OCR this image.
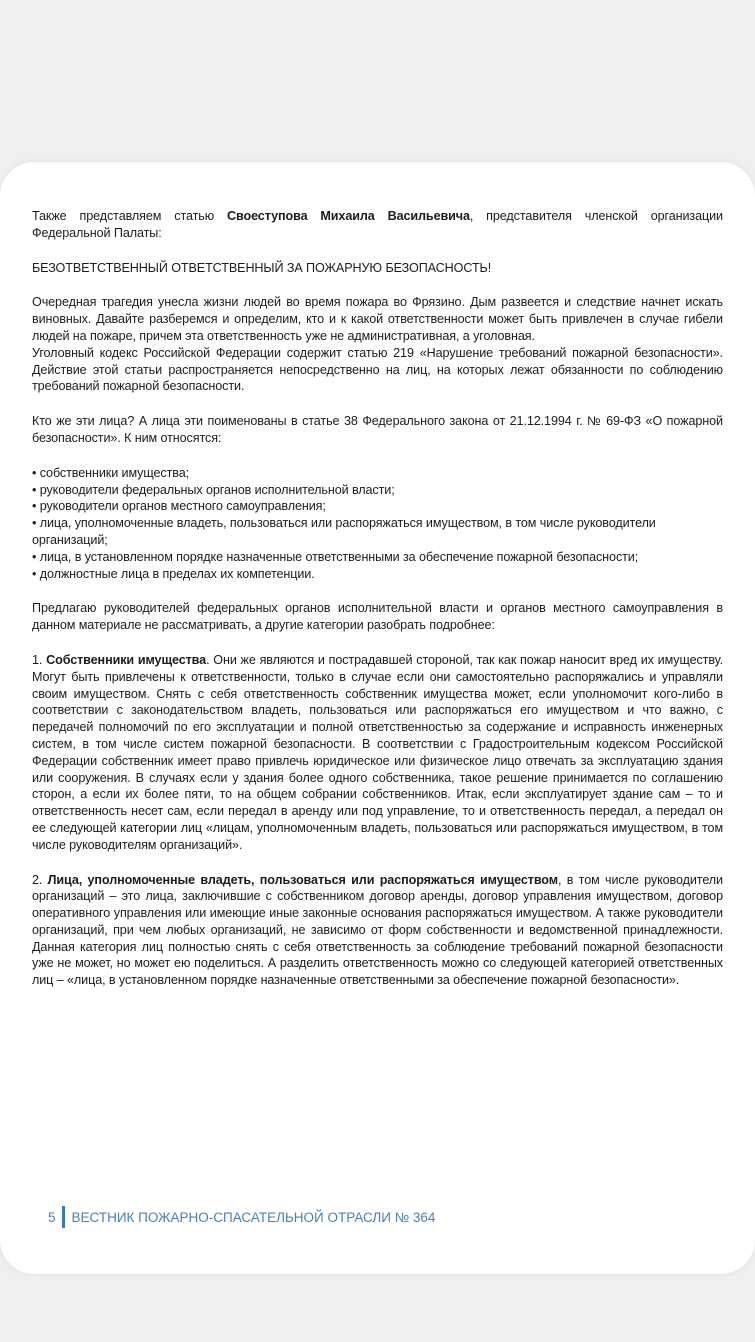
Также представляем статью Своеступова Михаила Васильевича, представителя членской организации Федеральной Палаты:

БЕЗОТВЕТСТВЕННЫЙ ОТВЕТСТВЕННЫЙ ЗА ПОЖАРНУЮ БЕЗОПАСНОСТЬ!

Очередная трагедия унесла жизни людей во время пожара во Фрязино. Дым развеется и следствие начнет искать виновных. Давайте разберемся и определим, кто и к какой ответственности может быть привлечен в случае гибели людей на пожаре, причем эта ответственность уже не административная, а уголовная.

Уголовный кодекс Российской Федерации содержит статью 219 «Нарушение требований пожарной безопасности». Действие этой статьи распространяется непосредственно на лиц, на которых лежат обязанности по соблюдению требований пожарной безопасности.

Кто же эти лица? А лица эти поименованы в статье 38 Федерального закона от 21.12.1994 г. № 69-ФЗ «О пожарной безопасности». К ним относятся:

• собственники имущества;

• руководители федеральных органов исполнительной власти;

• руководители органов местного самоуправления;

• лица, уполномоченные владеть, пользоваться или распоряжаться имуществом, в том числе руководители организаций;

• лица, в установленном порядке назначенные ответственными за обеспечение пожарной безопасности;

• должностные лица в пределах их компетенции.

Предлагаю руководителей федеральных органов исполнительной власти и органов местного самоуправления в данном материале не рассматривать, а другие категории разобрать подробнее:

1. Собственники имущества. Они же являются и пострадавшей стороной, так как пожар наносит вред их имуществу. Могут быть привлечены к ответственности, только в случае если они самостоятельно распоряжались и управляли своим имуществом. Снять с себя ответственность собственник имущества может, если уполномочит кого-либо в соответствии с законодательством владеть, пользоваться или распоряжаться его имуществом и что важно, с передачей полномочий по его эксплуатации и полной ответственностью за содержание и исправность инженерных систем, в том числе систем пожарной безопасности. В соответствии с Градостроительным кодексом Российской Федерации собственник имеет право привлечь юридическое или физическое лицо отвечать за эксплуатацию здания или сооружения. В случаях если у здания более одного собственника, такое решение принимается по соглашению сторон, а если их более пяти, то на общем собрании собственников. Итак, если эксплуатирует здание сам – то и ответственность несет сам, если передал в аренду или под управление, то и ответственность передал, а передал он ее следующей категории лиц «лицам, уполномоченным владеть, пользоваться или распоряжаться имуществом, в том числе руководителям организаций».

2. Лица, уполномоченные владеть, пользоваться или распоряжаться имуществом, в том числе руководители организаций – это лица, заключившие с собственником договор аренды, договор управления имуществом, договор оперативного управления или имеющие иные законные основания распоряжаться имуществом. А также руководители организаций, при чем любых организаций, не зависимо от форм собственности и ведомственной принадлежности. Данная категория лиц полностью снять с себя ответственность за соблюдение требований пожарной безопасности уже не может, но может ею поделиться. А разделить ответственность можно со следующей категорией ответственных лиц – «лица, в установленном порядке назначенные ответственными за обеспечение пожарной безопасности».

5 ВЕСТНИК ПОЖАРНО-СПАСАТЕЛЬНОЙ ОТРАСЛИ № 364
